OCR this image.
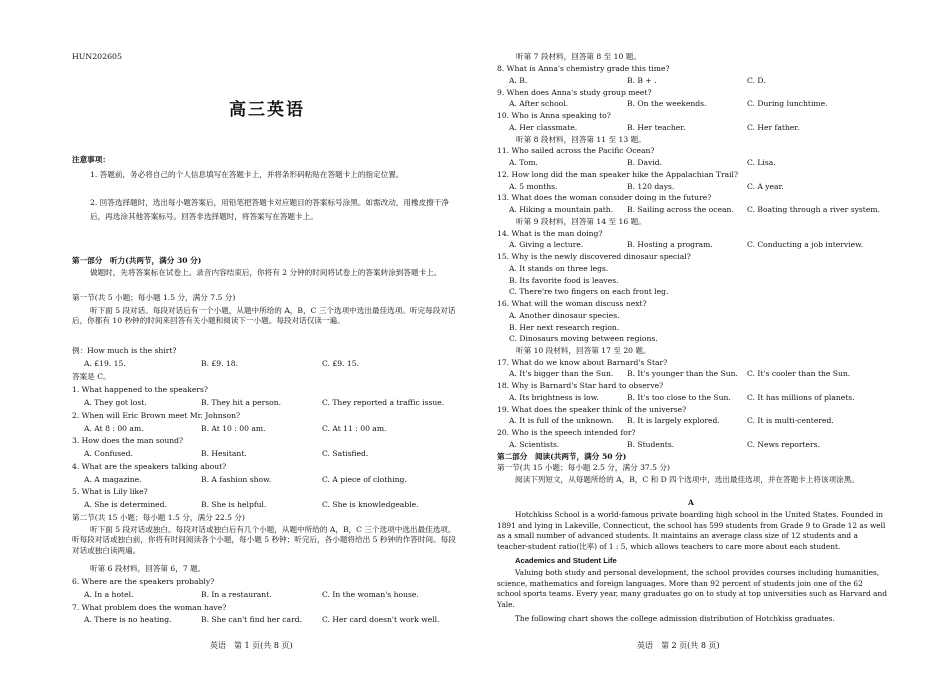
HUN202605
高三英语
注意事项：
1. 答题前，务必将自己的个人信息填写在答题卡上，并将条形码粘贴在答题卡上的指定位置。
2. 回答选择题时，选出每小题答案后，用铅笔把答题卡对应题目的答案标号涂黑。如需改动，用橡皮擦干净后，再选涂其他答案标号。回答非选择题时，将答案写在答题卡上。
第一部分　听力(共两节，满分 30 分)
做题时，先将答案标在试卷上。录音内容结束后，你将有 2 分钟的时间将试卷上的答案转涂到答题卡上。
第一节(共 5 小题；每小题 1.5 分，满分 7.5 分)
听下面 5 段对话。每段对话后有一个小题，从题中所给的 A，B，C 三个选项中选出最佳选项。听完每段对话后，你都有 10 秒钟的时间来回答有关小题和阅读下一小题。每段对话仅读一遍。
例：How much is the shirt?
A. £19. 15.	B. £9. 18.	C. £9. 15.
答案是 C。
1. What happened to the speakers?
A. They got lost.	B. They hit a person.	C. They reported a traffic issue.
2. When will Eric Brown meet Mr. Johnson?
A. At 8 : 00 am.	B. At 10 : 00 am.	C. At 11 : 00 am.
3. How does the man sound?
A. Confused.	B. Hesitant.	C. Satisfied.
4. What are the speakers talking about?
A. A magazine.	B. A fashion show.	C. A piece of clothing.
5. What is Lily like?
A. She is determined.	B. She is helpful.	C. She is knowledgeable.
第二节(共 15 小题；每小题 1.5 分，满分 22.5 分)
听下面 5 段对话或独白。每段对话或独白后有几个小题，从题中所给的 A，B，C 三个选项中选出最佳选项。听每段对话或独白前，你将有时间阅读各个小题，每小题 5 秒钟；听完后，各小题将给出 5 秒钟的作答时间。每段对话或独白读两遍。
听第 6 段材料，回答第 6，7 题。
6. Where are the speakers probably?
A. In a hotel.	B. In a restaurant.	C. In the woman's house.
7. What problem does the woman have?
A. There is no heating.	B. She can't find her card.	C. Her card doesn't work well.
英语　第 1 页(共 8 页)
听第 7 段材料，回答第 8 至 10 题。
8. What is Anna's chemistry grade this time?
A. B.	B. B + .	C. D.
9. When does Anna's study group meet?
A. After school.	B. On the weekends.	C. During lunchtime.
10. Who is Anna speaking to?
A. Her classmate.	B. Her teacher.	C. Her father.
听第 8 段材料，回答第 11 至 13 题。
11. Who sailed across the Pacific Ocean?
A. Tom.	B. David.	C. Lisa.
12. How long did the man speaker hike the Appalachian Trail?
A. 5 months.	B. 120 days.	C. A year.
13. What does the woman consider doing in the future?
A. Hiking a mountain path. B. Sailing across the ocean. C. Boating through a river system.
听第 9 段材料，回答第 14 至 16 题。
14. What is the man doing?
A. Giving a lecture.	B. Hosting a program.	C. Conducting a job interview.
15. Why is the newly discovered dinosaur special?
A. It stands on three legs.
B. Its favorite food is leaves.
C. There're two fingers on each front leg.
16. What will the woman discuss next?
A. Another dinosaur species.
B. Her next research region.
C. Dinosaurs moving between regions.
听第 10 段材料，回答第 17 至 20 题。
17. What do we know about Barnard's Star?
A. It's bigger than the Sun. B. It's younger than the Sun. C. It's cooler than the Sun.
18. Why is Barnard's Star hard to observe?
A. Its brightness is low.	B. It's too close to the Sun. C. It has millions of planets.
19. What does the speaker think of the universe?
A. It is full of the unknown. B. It is largely explored.	C. It is multi-centered.
20. Who is the speech intended for?
A. Scientists.	B. Students.	C. News reporters.
第二部分　阅读(共两节，满分 50 分)
第一节(共 15 小题；每小题 2.5 分，满分 37.5 分)
阅读下列短文，从每题所给的 A，B，C 和 D 四个选项中，选出最佳选项，并在答题卡上将该项涂黑。
A
Hotchkiss School is a world-famous private boarding high school in the United States. Founded in 1891 and lying in Lakeville, Connecticut, the school has 599 students from Grade 9 to Grade 12 as well as a small number of advanced students. It maintains an average class size of 12 students and a teacher-student ratio(比率) of 1 : 5, which allows teachers to care more about each student.
Academics and Student Life
Valuing both study and personal development, the school provides courses including humanities, science, mathematics and foreign languages. More than 92 percent of students join one of the 62 school sports teams. Every year, many graduates go on to study at top universities such as Harvard and Yale.
The following chart shows the college admission distribution of Hotchkiss graduates.
英语　第 2 页(共 8 页)
